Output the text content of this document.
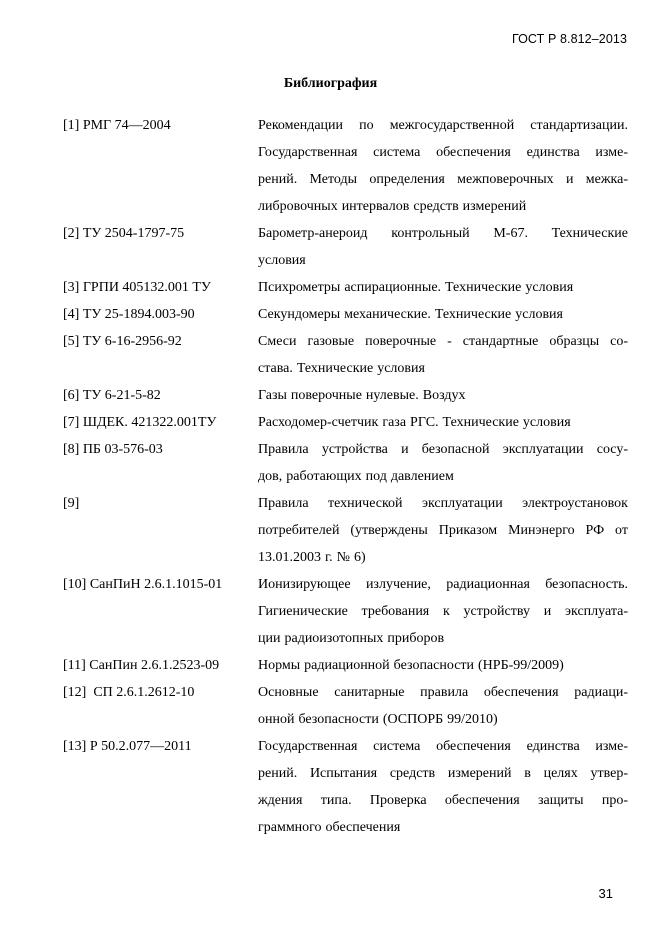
ГОСТ Р 8.812–2013
Библиография
[1] РМГ 74—2004	Рекомендации по межгосударственной стандартизации.
Государственная система обеспечения единства изме-
рений. Методы определения межповерочных и межка-
либровочных интервалов средств измерений
[2] ТУ 2504-1797-75	Барометр-анероид контрольный М-67. Технические
условия
[3] ГРПИ 405132.001 ТУ	Психрометры аспирационные. Технические условия
[4] ТУ 25-1894.003-90	Секундомеры механические. Технические условия
[5] ТУ 6-16-2956-92	Смеси газовые поверочные - стандартные образцы со-
става. Технические условия
[6] ТУ 6-21-5-82	Газы поверочные нулевые. Воздух
[7] ШДЕК. 421322.001ТУ	Расходомер-счетчик газа РГС. Технические условия
[8] ПБ 03-576-03	Правила устройства и безопасной эксплуатации сосу-
дов, работающих под давлением
[9]	Правила технической эксплуатации электроустановок
потребителей (утверждены Приказом Минэнерго РФ от
13.01.2003 г. № 6)
[10] СанПиН 2.6.1.1015-01	Ионизирующее излучение, радиационная безопасность.
Гигиенические требования к устройству и эксплуата-
ции радиоизотопных приборов
[11] СанПин 2.6.1.2523-09	Нормы радиационной безопасности (НРБ-99/2009)
[12]  СП 2.6.1.2612-10	Основные санитарные правила обеспечения радиаци-
онной безопасности (ОСПОРБ 99/2010)
[13] Р 50.2.077—2011	Государственная система обеспечения единства изме-
рений. Испытания средств измерений в целях утвер-
ждения типа. Проверка обеспечения защиты про-
граммного обеспечения
31
